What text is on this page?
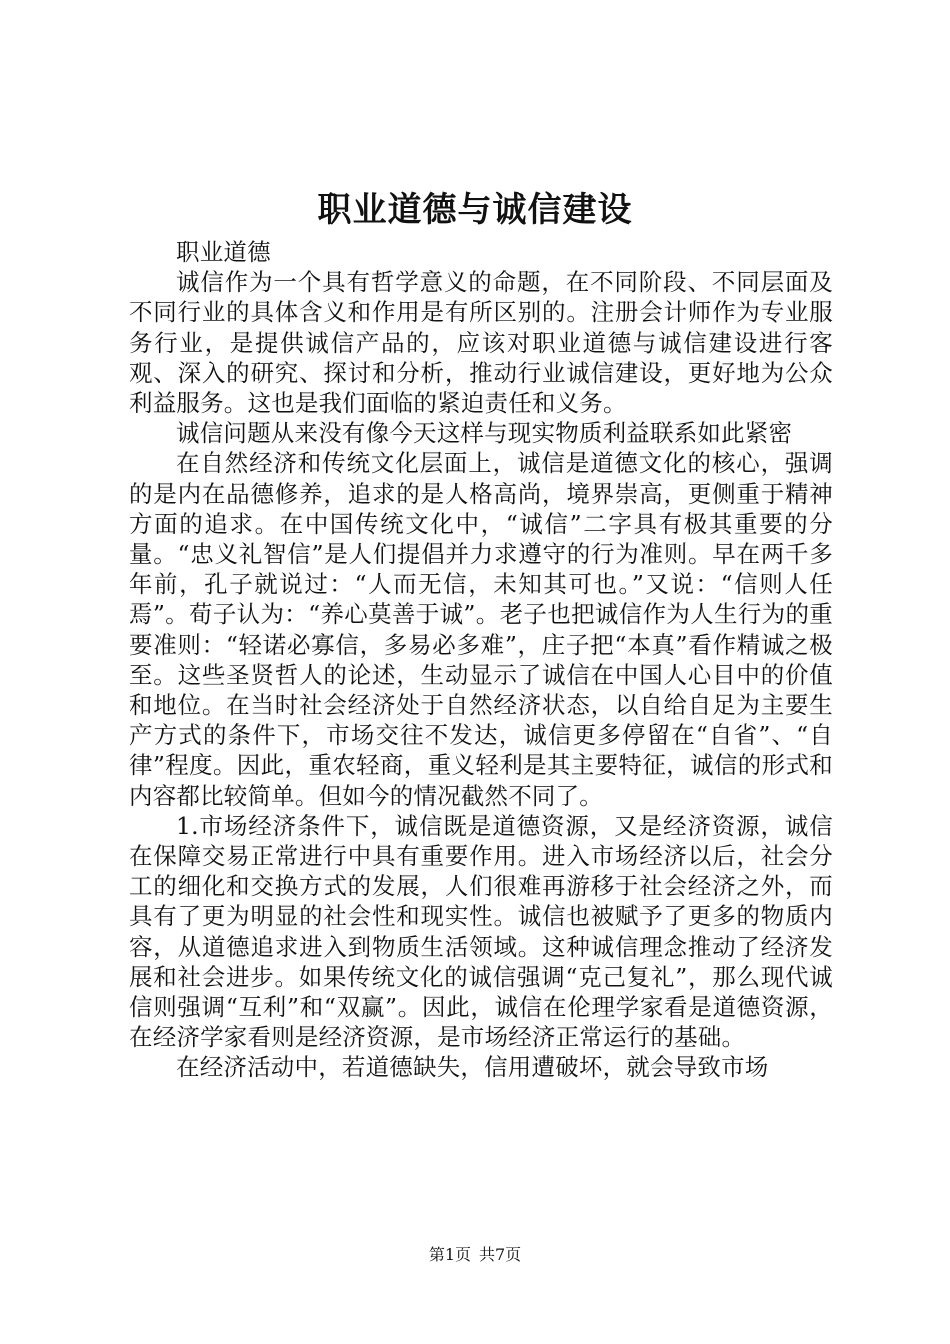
职业道德与诚信建设

职业道德

诚信作为一个具有哲学意义的命题，在不同阶段、不同层面及不同行业的具体含义和作用是有所区别的。注册会计师作为专业服务行业，是提供诚信产品的，应该对职业道德与诚信建设进行客观、深入的研究、探讨和分析，推动行业诚信建设，更好地为公众利益服务。这也是我们面临的紧迫责任和义务。

诚信问题从来没有像今天这样与现实物质利益联系如此紧密

在自然经济和传统文化层面上，诚信是道德文化的核心，强调的是内在品德修养，追求的是人格高尚，境界崇高，更侧重于精神方面的追求。在中国传统文化中，“诚信”二字具有极其重要的分量。“忠义礼智信”是人们提倡并力求遵守的行为准则。早在两千多年前，孔子就说过：“人而无信，未知其可也。”又说：“信则人任焉”。荀子认为：“养心莫善于诚”。老子也把诚信作为人生行为的重要准则：“轻诺必寡信，多易必多难”，庄子把“本真”看作精诚之极至。这些圣贤哲人的论述，生动显示了诚信在中国人心目中的价值和地位。在当时社会经济处于自然经济状态，以自给自足为主要生产方式的条件下，市场交往不发达，诚信更多停留在“自省”、“自律”程度。因此，重农轻商，重义轻利是其主要特征，诚信的形式和内容都比较简单。但如今的情况截然不同了。

1.市场经济条件下，诚信既是道德资源，又是经济资源，诚信在保障交易正常进行中具有重要作用。进入市场经济以后，社会分工的细化和交换方式的发展，人们很难再游移于社会经济之外，而具有了更为明显的社会性和现实性。诚信也被赋予了更多的物质内容，从道德追求进入到物质生活领域。这种诚信理念推动了经济发展和社会进步。如果传统文化的诚信强调“克己复礼”，那么现代诚信则强调“互利”和“双赢”。因此，诚信在伦理学家看是道德资源，在经济学家看则是经济资源，是市场经济正常运行的基础。

在经济活动中，若道德缺失，信用遭破坏，就会导致市场

第1页 共7页
